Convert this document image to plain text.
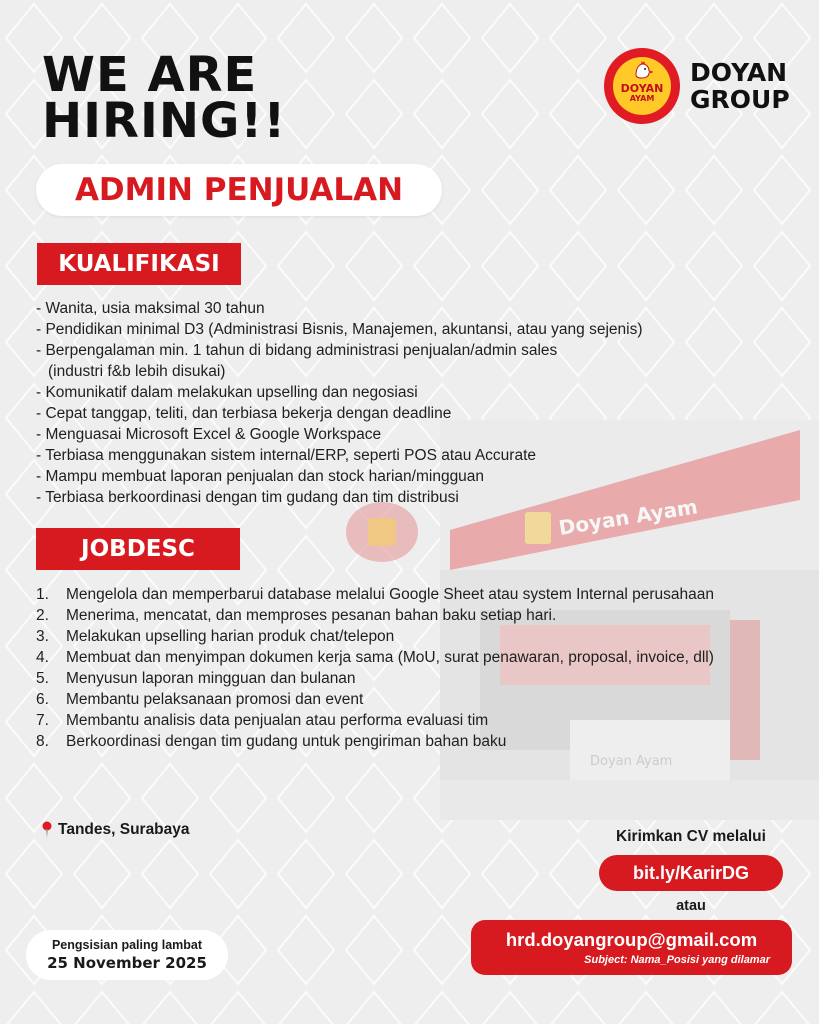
Doyan Ayam
Doyan Ayam
WE ARE
HIRING!!
DOYAN
AYAM
DOYAN
GROUP
ADMIN PENJUALAN
KUALIFIKASI
- Wanita, usia maksimal 30 tahun
- Pendidikan minimal D3 (Administrasi Bisnis, Manajemen, akuntansi, atau yang sejenis)
- Berpengalaman min. 1 tahun di bidang administrasi penjualan/admin sales
(industri f&b lebih disukai)
- Komunikatif dalam melakukan upselling dan negosiasi
- Cepat tanggap, teliti, dan terbiasa bekerja dengan deadline
- Menguasai Microsoft Excel & Google Workspace
- Terbiasa menggunakan sistem internal/ERP, seperti POS atau Accurate
- Mampu membuat laporan penjualan dan stock harian/mingguan
- Terbiasa berkoordinasi dengan tim gudang dan tim distribusi
JOBDESC
1.	Mengelola dan memperbarui database melalui Google Sheet atau system Internal perusahaan
2.	Menerima, mencatat, dan memproses pesanan bahan baku setiap hari.
3.	Melakukan upselling harian produk chat/telepon
4.	Membuat dan menyimpan dokumen kerja sama (MoU, surat penawaran, proposal, invoice, dll)
5.	Menyusun laporan mingguan dan bulanan
6.	Membantu pelaksanaan promosi dan event
7.	Membantu analisis data penjualan atau performa evaluasi tim
8.	Berkoordinasi dengan tim gudang untuk pengiriman bahan baku
Tandes, Surabaya
Pengsisian paling lambat
25 November 2025
Kirimkan CV melalui
bit.ly/KarirDG
atau
hrd.doyangroup@gmail.com
Subject: Nama_Posisi yang dilamar
